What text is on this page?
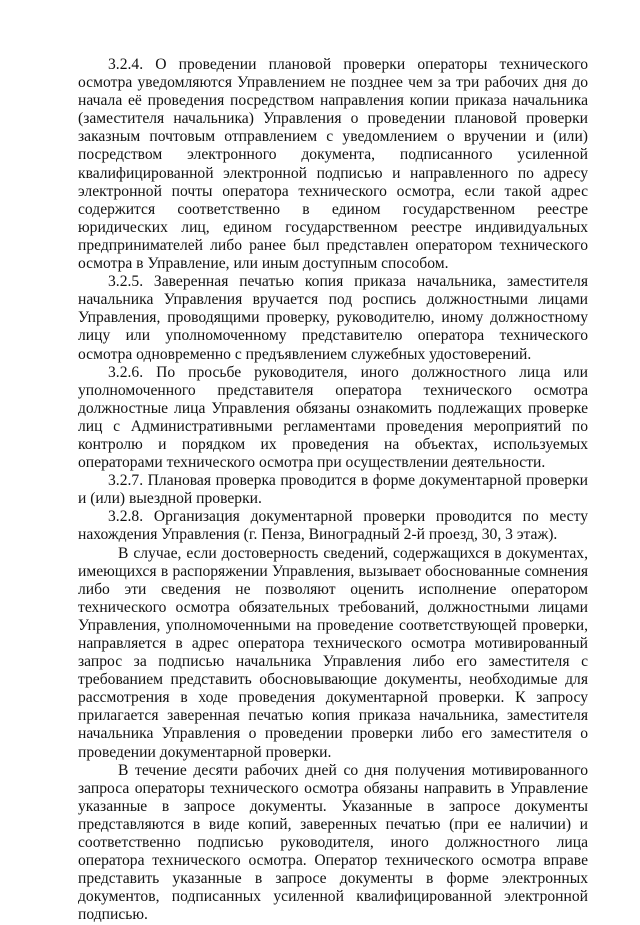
3.2.4. О проведении плановой проверки операторы технического осмотра уведомляются Управлением не позднее чем за три рабочих дня до начала её проведения посредством направления копии приказа начальника (заместителя начальника) Управления о проведении плановой проверки заказным почтовым отправлением с уведомлением о вручении и (или) посредством электронного документа, подписанного усиленной квалифицированной электронной подписью и направленного по адресу электронной почты оператора технического осмотра, если такой адрес содержится соответственно в едином государственном реестре юридических лиц, едином государственном реестре индивидуальных предпринимателей либо ранее был представлен оператором технического осмотра в Управление, или иным доступным способом.

3.2.5. Заверенная печатью копия приказа начальника, заместителя начальника Управления вручается под роспись должностными лицами Управления, проводящими проверку, руководителю, иному должностному лицу или уполномоченному представителю оператора технического осмотра одновременно с предъявлением служебных удостоверений.

3.2.6. По просьбе руководителя, иного должностного лица или уполномоченного представителя оператора технического осмотра должностные лица Управления обязаны ознакомить подлежащих проверке лиц с Административными регламентами проведения мероприятий по контролю и порядком их проведения на объектах, используемых операторами технического осмотра при осуществлении деятельности.

3.2.7. Плановая проверка проводится в форме документарной проверки и (или) выездной проверки.

3.2.8. Организация документарной проверки проводится по месту нахождения Управления (г. Пенза, Виноградный 2-й проезд, 30, 3 этаж).

В случае, если достоверность сведений, содержащихся в документах, имеющихся в распоряжении Управления, вызывает обоснованные сомнения либо эти сведения не позволяют оценить исполнение оператором технического осмотра обязательных требований, должностными лицами Управления, уполномоченными на проведение соответствующей проверки, направляется в адрес оператора технического осмотра мотивированный запрос за подписью начальника Управления либо его заместителя с требованием представить обосновывающие документы, необходимые для рассмотрения в ходе проведения документарной проверки. К запросу прилагается заверенная печатью копия приказа начальника, заместителя начальника Управления о проведении проверки либо его заместителя о проведении документарной проверки.

В течение десяти рабочих дней со дня получения мотивированного запроса операторы технического осмотра обязаны направить в Управление указанные в запросе документы. Указанные в запросе документы представляются в виде копий, заверенных печатью (при ее наличии) и соответственно подписью руководителя, иного должностного лица оператора технического осмотра. Оператор технического осмотра вправе представить указанные в запросе документы в форме электронных документов, подписанных усиленной квалифицированной электронной подписью.
